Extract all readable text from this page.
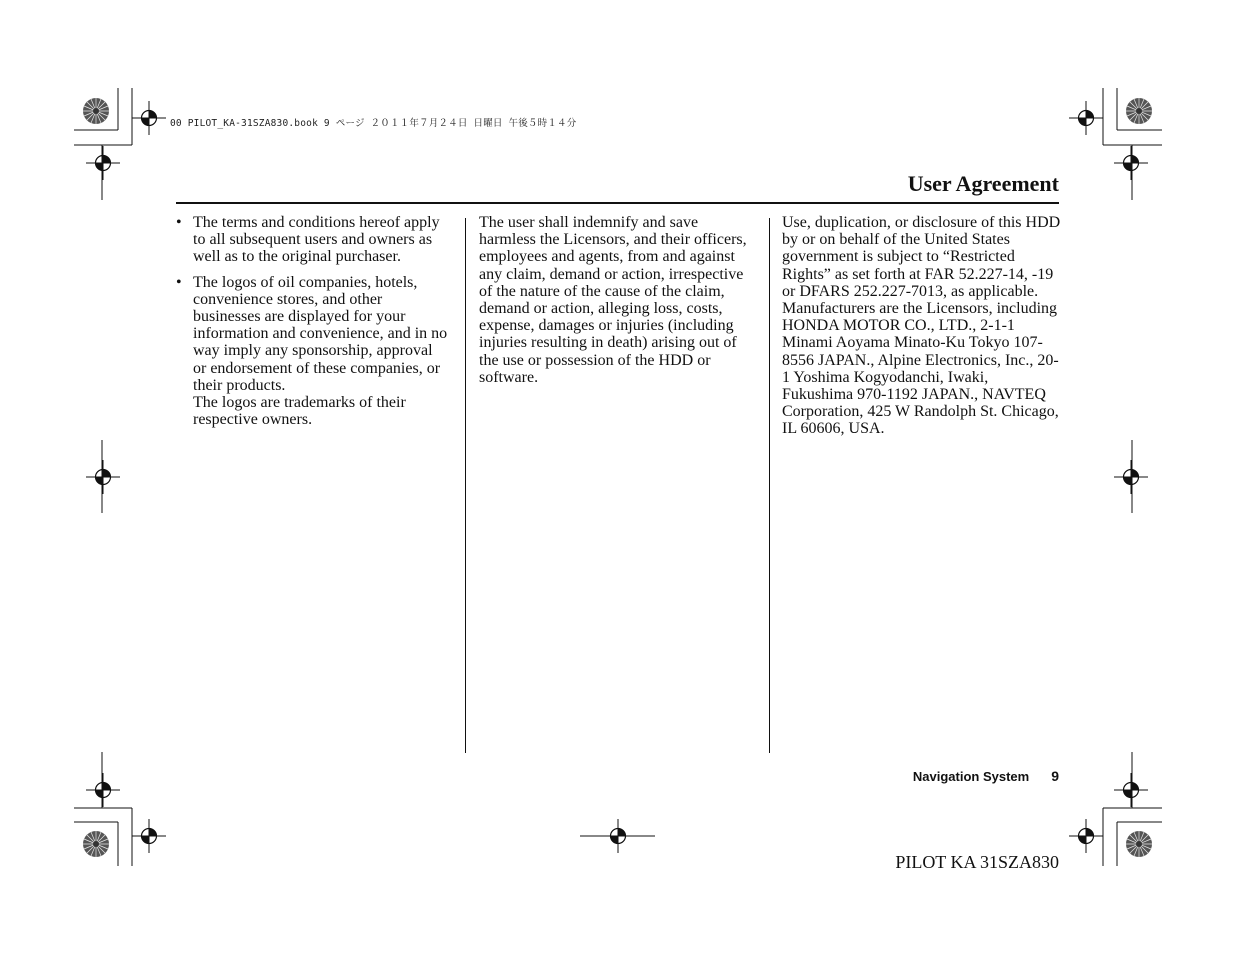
00 PILOT_KA-31SZA830.book 9 ページ ２０１１年７月２４日 日曜日 午後５時１４分
User Agreement
• The terms and conditions hereof apply to all subsequent users and owners as well as to the original purchaser.
• The logos of oil companies, hotels, convenience stores, and other businesses are displayed for your information and convenience, and in no way imply any sponsorship, approval or endorsement of these companies, or their products.
The logos are trademarks of their respective owners.

The user shall indemnify and save harmless the Licensors, and their officers, employees and agents, from and against any claim, demand or action, irrespective of the nature of the cause of the claim, demand or action, alleging loss, costs, expense, damages or injuries (including injuries resulting in death) arising out of the use or possession of the HDD or software.

Use, duplication, or disclosure of this HDD by or on behalf of the United States government is subject to “Restricted Rights” as set forth at FAR 52.227-14, -19 or DFARS 252.227-7013, as applicable. Manufacturers are the Licensors, including HONDA MOTOR CO., LTD., 2-1-1 Minami Aoyama Minato-Ku Tokyo 107-8556 JAPAN., Alpine Electronics, Inc., 20-1 Yoshima Kogyodanchi, Iwaki, Fukushima 970-1192 JAPAN., NAVTEQ Corporation, 425 W Randolph St. Chicago, IL 60606, USA.

Navigation System 9
PILOT KA 31SZA830
